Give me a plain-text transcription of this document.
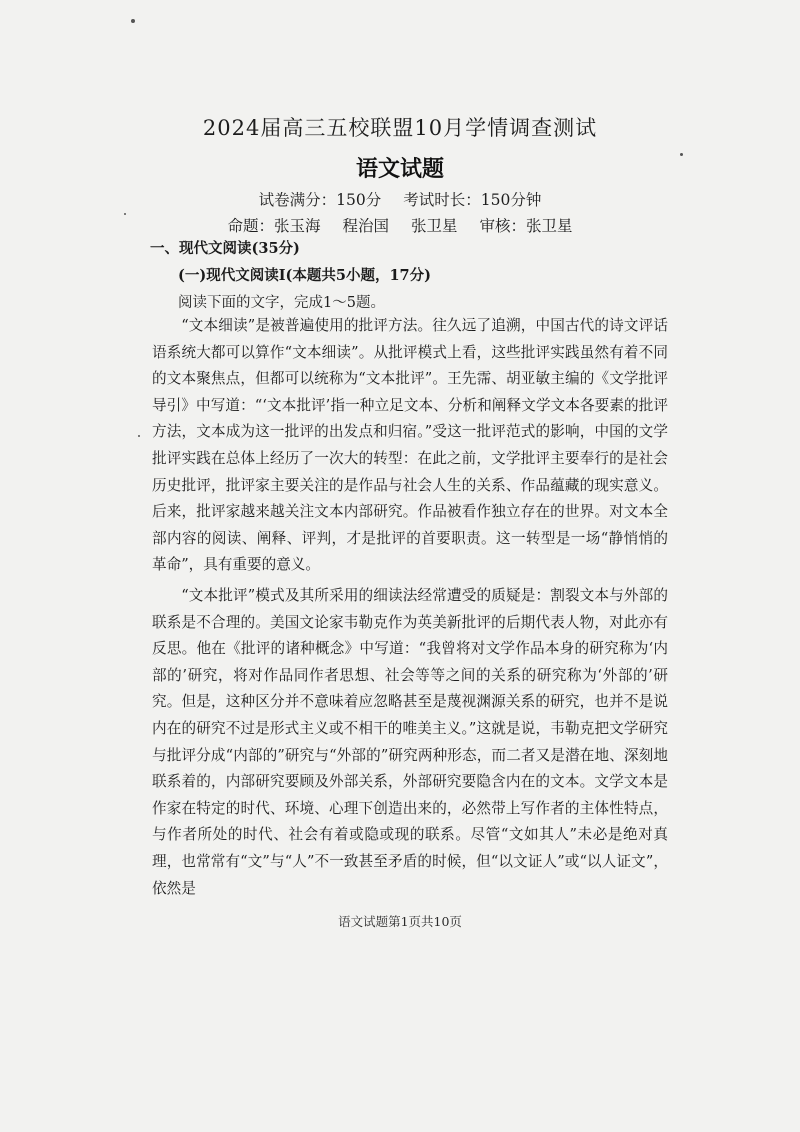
2024届高三五校联盟10月学情调查测试
语文试题
试卷满分：150分 考试时长：150分钟
命题：张玉海 程治国 张卫星 审核：张卫星
一、现代文阅读(35分)
(一)现代文阅读Ⅰ(本题共5小题，17分)
阅读下面的文字，完成1～5题。

“文本细读”是被普遍使用的批评方法。往久远了追溯，中国古代的诗文评话语系统大都可以算作“文本细读”。从批评模式上看，这些批评实践虽然有着不同的文本聚焦点，但都可以统称为“文本批评”。王先霈、胡亚敏主编的《文学批评导引》中写道：“‘文本批评’指一种立足文本、分析和阐释文学文本各要素的批评方法，文本成为这一批评的出发点和归宿。”受这一批评范式的影响，中国的文学批评实践在总体上经历了一次大的转型：在此之前，文学批评主要奉行的是社会历史批评，批评家主要关注的是作品与社会人生的关系、作品蕴藏的现实意义。后来，批评家越来越关注文本内部研究。作品被看作独立存在的世界。对文本全部内容的阅读、阐释、评判，才是批评的首要职责。这一转型是一场“静悄悄的革命”，具有重要的意义。

“文本批评”模式及其所采用的细读法经常遭受的质疑是：割裂文本与外部的联系是不合理的。美国文论家韦勒克作为英美新批评的后期代表人物，对此亦有反思。他在《批评的诸种概念》中写道：“我曾将对文学作品本身的研究称为‘内部的’研究，将对作品同作者思想、社会等等之间的关系的研究称为‘外部的’研究。但是，这种区分并不意味着应忽略甚至是蔑视渊源关系的研究，也并不是说内在的研究不过是形式主义或不相干的唯美主义。”这就是说，韦勒克把文学研究与批评分成“内部的”研究与“外部的”研究两种形态，而二者又是潜在地、深刻地联系着的，内部研究要顾及外部关系，外部研究要隐含内在的文本。文学文本是作家在特定的时代、环境、心理下创造出来的，必然带上写作者的主体性特点，与作者所处的时代、社会有着或隐或现的联系。尽管“文如其人”未必是绝对真理，也常常有“文”与“人”不一致甚至矛盾的时候，但“以文证人”或“以人证文”，依然是

语文试题第1页共10页
